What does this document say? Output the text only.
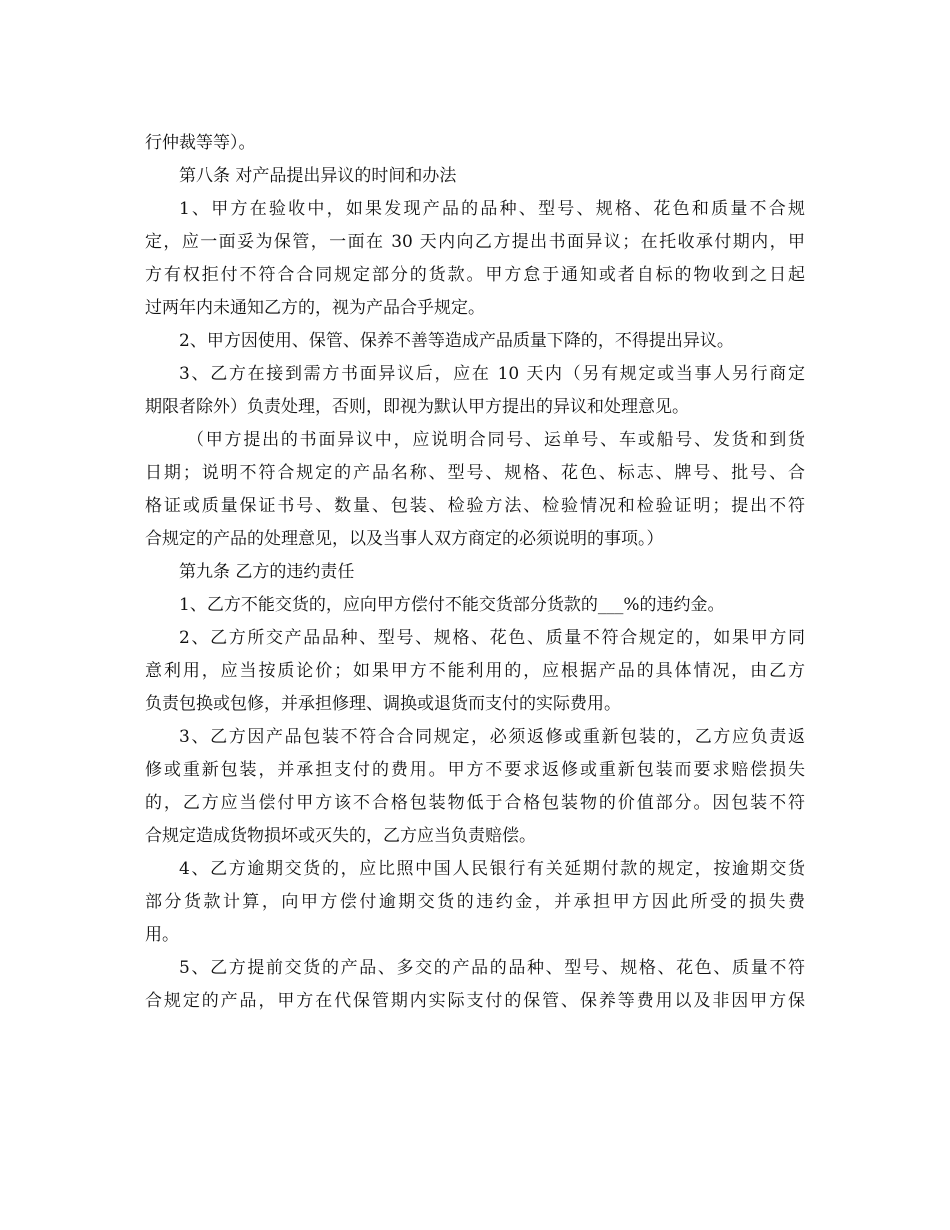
行仲裁等等）。
第八条 对产品提出异议的时间和办法
1、甲方在验收中，如果发现产品的品种、型号、规格、花色和质量不合规
定，应一面妥为保管，一面在 30 天内向乙方提出书面异议；在托收承付期内，甲
方有权拒付不符合合同规定部分的货款。甲方怠于通知或者自标的物收到之日起
过两年内未通知乙方的，视为产品合乎规定。
2、甲方因使用、保管、保养不善等造成产品质量下降的，不得提出异议。
3、乙方在接到需方书面异议后，应在 10 天内（另有规定或当事人另行商定
期限者除外）负责处理，否则，即视为默认甲方提出的异议和处理意见。
（甲方提出的书面异议中，应说明合同号、运单号、车或船号、发货和到货
日期；说明不符合规定的产品名称、型号、规格、花色、标志、牌号、批号、合
格证或质量保证书号、数量、包装、检验方法、检验情况和检验证明；提出不符
合规定的产品的处理意见，以及当事人双方商定的必须说明的事项。）
第九条 乙方的违约责任
1、乙方不能交货的，应向甲方偿付不能交货部分货款的___%的违约金。
2、乙方所交产品品种、型号、规格、花色、质量不符合规定的，如果甲方同
意利用，应当按质论价；如果甲方不能利用的，应根据产品的具体情况，由乙方
负责包换或包修，并承担修理、调换或退货而支付的实际费用。
3、乙方因产品包装不符合合同规定，必须返修或重新包装的，乙方应负责返
修或重新包装，并承担支付的费用。甲方不要求返修或重新包装而要求赔偿损失
的，乙方应当偿付甲方该不合格包装物低于合格包装物的价值部分。因包装不符
合规定造成货物损坏或灭失的，乙方应当负责赔偿。
4、乙方逾期交货的，应比照中国人民银行有关延期付款的规定，按逾期交货
部分货款计算，向甲方偿付逾期交货的违约金，并承担甲方因此所受的损失费
用。
5、乙方提前交货的产品、多交的产品的品种、型号、规格、花色、质量不符
合规定的产品，甲方在代保管期内实际支付的保管、保养等费用以及非因甲方保
